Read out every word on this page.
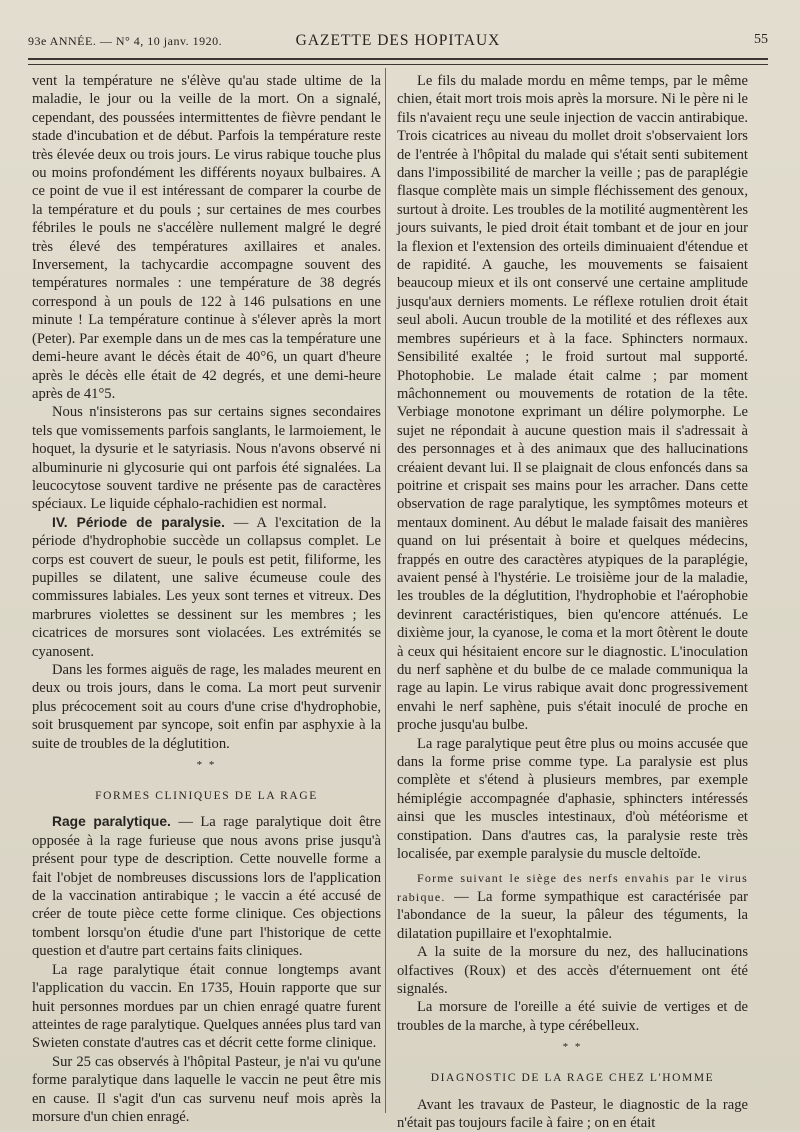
93e ANNÉE. — N° 4, 10 janv. 1920.	GAZETTE DES HOPITAUX	55

vent la température ne s'élève qu'au stade ultime de la maladie, le jour ou la veille de la mort. On a signalé, cependant, des poussées intermittentes de fièvre pendant le stade d'incubation et de début. Parfois la température reste très élevée deux ou trois jours. Le virus rabique touche plus ou moins profondément les différents noyaux bulbaires. A ce point de vue il est intéressant de comparer la courbe de la température et du pouls ; sur certaines de mes courbes fébriles le pouls ne s'accélère nullement malgré le degré très élevé des températures axillaires et anales. Inversement, la tachycardie accompagne souvent des températures normales : une température de 38 degrés correspond à un pouls de 122 à 146 pulsations en une minute ! La température continue à s'élever après la mort (Peter). Par exemple dans un de mes cas la température une demi-heure avant le décès était de 40°6, un quart d'heure après le décès elle était de 42 degrés, et une demi-heure après de 41°5.

Nous n'insisterons pas sur certains signes secondaires tels que vomissements parfois sanglants, le larmoiement, le hoquet, la dysurie et le satyriasis. Nous n'avons observé ni albuminurie ni glycosurie qui ont parfois été signalées. La leucocytose souvent tardive ne présente pas de caractères spéciaux. Le liquide céphalo-rachidien est normal.

IV. Période de paralysie. — A l'excitation de la période d'hydrophobie succède un collapsus complet. Le corps est couvert de sueur, le pouls est petit, filiforme, les pupilles se dilatent, une salive écumeuse coule des commissures labiales. Les yeux sont ternes et vitreux. Des marbrures violettes se dessinent sur les membres ; les cicatrices de morsures sont violacées. Les extrémités se cyanosent.

Dans les formes aiguës de rage, les malades meurent en deux ou trois jours, dans le coma. La mort peut survenir plus précocement soit au cours d'une crise d'hydrophobie, soit brusquement par syncope, soit enfin par asphyxie à la suite de troubles de la déglutition.

* *
FORMES CLINIQUES DE LA RAGE

Rage paralytique. — La rage paralytique doit être opposée à la rage furieuse que nous avons prise jusqu'à présent pour type de description. Cette nouvelle forme a fait l'objet de nombreuses discussions lors de l'application de la vaccination antirabique ; le vaccin a été accusé de créer de toute pièce cette forme clinique. Ces objections tombent lorsqu'on étudie d'une part l'historique de cette question et d'autre part certains faits cliniques.

La rage paralytique était connue longtemps avant l'application du vaccin. En 1735, Houin rapporte que sur huit personnes mordues par un chien enragé quatre furent atteintes de rage paralytique. Quelques années plus tard van Swieten constate d'autres cas et décrit cette forme clinique.

Sur 25 cas observés à l'hôpital Pasteur, je n'ai vu qu'une forme paralytique dans laquelle le vaccin ne peut être mis en cause. Il s'agit d'un cas survenu neuf mois après la morsure d'un chien enragé.

Le fils du malade mordu en même temps, par le même chien, était mort trois mois après la morsure. Ni le père ni le fils n'avaient reçu une seule injection de vaccin antirabique. Trois cicatrices au niveau du mollet droit s'observaient lors de l'entrée à l'hôpital du malade qui s'était senti subitement dans l'impossibilité de marcher la veille ; pas de paraplégie flasque complète mais un simple fléchissement des genoux, surtout à droite. Les troubles de la motilité augmentèrent les jours suivants, le pied droit était tombant et de jour en jour la flexion et l'extension des orteils diminuaient d'étendue et de rapidité. A gauche, les mouvements se faisaient beaucoup mieux et ils ont conservé une certaine amplitude jusqu'aux derniers moments. Le réflexe rotulien droit était seul aboli. Aucun trouble de la motilité et des réflexes aux membres supérieurs et à la face. Sphincters normaux. Sensibilité exaltée ; le froid surtout mal supporté. Photophobie. Le malade était calme ; par moment mâchonnement ou mouvements de rotation de la tête. Verbiage monotone exprimant un délire polymorphe. Le sujet ne répondait à aucune question mais il s'adressait à des personnages et à des animaux que des hallucinations créaient devant lui. Il se plaignait de clous enfoncés dans sa poitrine et crispait ses mains pour les arracher. Dans cette observation de rage paralytique, les symptômes moteurs et mentaux dominent. Au début le malade faisait des manières quand on lui présentait à boire et quelques médecins, frappés en outre des caractères atypiques de la paraplégie, avaient pensé à l'hystérie. Le troisième jour de la maladie, les troubles de la déglutition, l'hydrophobie et l'aérophobie devinrent caractéristiques, bien qu'encore atténués. Le dixième jour, la cyanose, le coma et la mort ôtèrent le doute à ceux qui hésitaient encore sur le diagnostic. L'inoculation du nerf saphène et du bulbe de ce malade communiqua la rage au lapin. Le virus rabique avait donc progressivement envahi le nerf saphène, puis s'était inoculé de proche en proche jusqu'au bulbe.

La rage paralytique peut être plus ou moins accusée que dans la forme prise comme type. La paralysie est plus complète et s'étend à plusieurs membres, par exemple hémiplégie accompagnée d'aphasie, sphincters intéressés ainsi que les muscles intestinaux, d'où météorisme et constipation. Dans d'autres cas, la paralysie reste très localisée, par exemple paralysie du muscle deltoïde.

Forme suivant le siège des nerfs envahis par le virus rabique. — La forme sympathique est caractérisée par l'abondance de la sueur, la pâleur des téguments, la dilatation pupillaire et l'exophtalmie.

A la suite de la morsure du nez, des hallucinations olfactives (Roux) et des accès d'éternuement ont été signalés.

La morsure de l'oreille a été suivie de vertiges et de troubles de la marche, à type cérébelleux.

* *
DIAGNOSTIC DE LA RAGE CHEZ L'HOMME

Avant les travaux de Pasteur, le diagnostic de la rage n'était pas toujours facile à faire ; on en était
